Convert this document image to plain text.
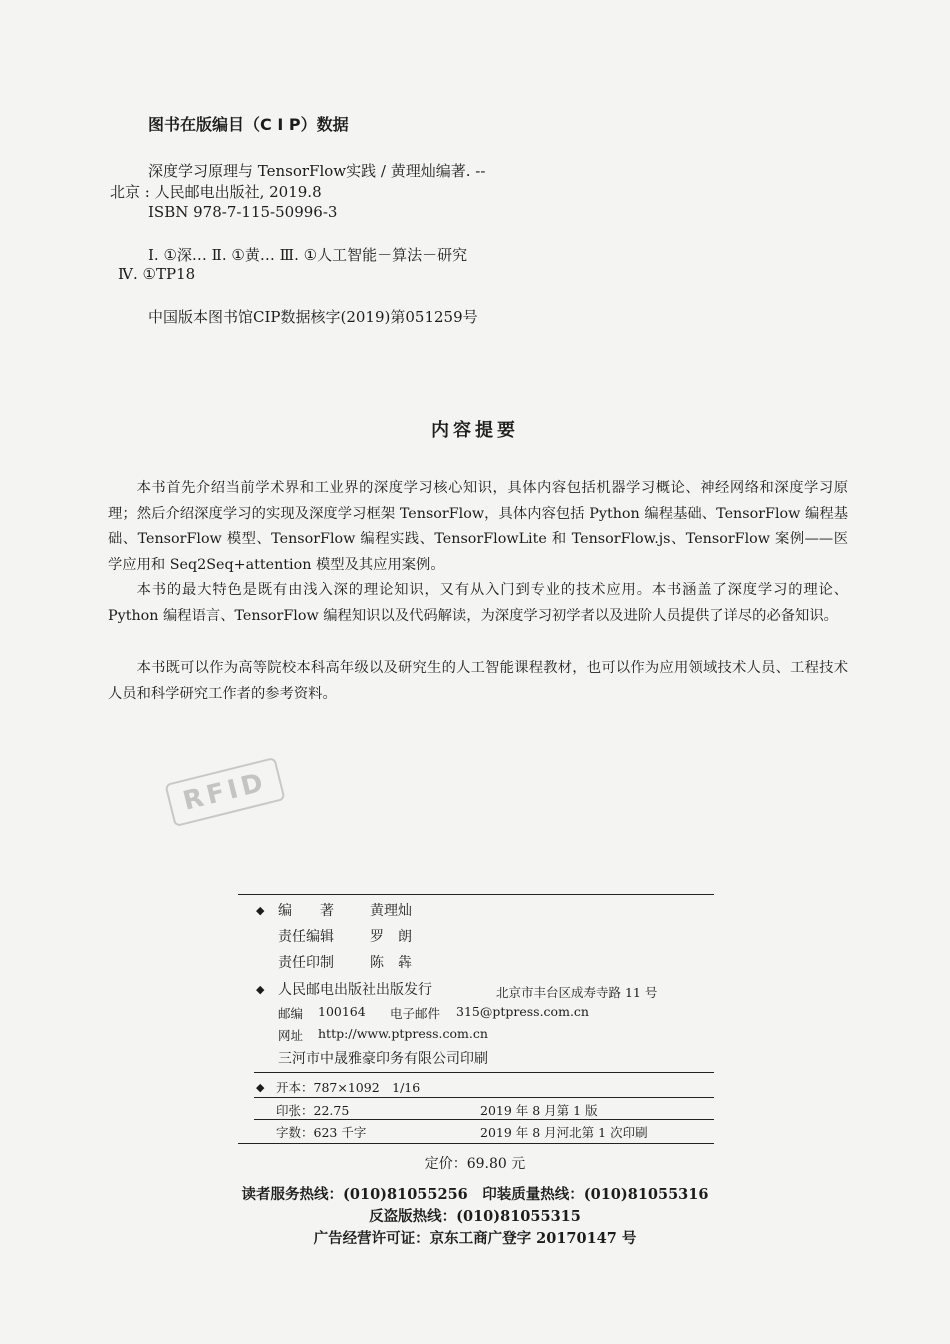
图书在版编目（C I P）数据
深度学习原理与 TensorFlow实践 / 黄理灿编著. --
北京 : 人民邮电出版社, 2019.8
ISBN 978-7-115-50996-3
Ⅰ. ①深… Ⅱ. ①黄… Ⅲ. ①人工智能－算法－研究
Ⅳ. ①TP18
中国版本图书馆CIP数据核字(2019)第051259号
内容提要

本书首先介绍当前学术界和工业界的深度学习核心知识，具体内容包括机器学习概论、神经网络和深度学习原理；然后介绍深度学习的实现及深度学习框架 TensorFlow，具体内容包括 Python 编程基础、TensorFlow 编程基础、TensorFlow 模型、TensorFlow 编程实践、TensorFlowLite 和 TensorFlow.js、TensorFlow 案例——医学应用和 Seq2Seq+attention 模型及其应用案例。

本书的最大特色是既有由浅入深的理论知识，又有从入门到专业的技术应用。本书涵盖了深度学习的理论、Python 编程语言、TensorFlow 编程知识以及代码解读，为深度学习初学者以及进阶人员提供了详尽的必备知识。

本书既可以作为高等院校本科高年级以及研究生的人工智能课程教材，也可以作为应用领域技术人员、工程技术人员和科学研究工作者的参考资料。

RFID
◆ 编　　著	黄理灿
责任编辑	罗　朗
责任印制	陈　犇
◆ 人民邮电出版社出版发行	北京市丰台区成寿寺路 11 号
邮编 100164 电子邮件 315@ptpress.com.cn
网址 http://www.ptpress.com.cn
三河市中晟雅豪印务有限公司印刷
◆ 开本：787×1092　1/16
印张：22.75	2019 年 8 月第 1 版
字数：623 千字	2019 年 8 月河北第 1 次印刷
定价：69.80 元
读者服务热线：(010)81055256　印装质量热线：(010)81055316
反盗版热线：(010)81055315
广告经营许可证：京东工商广登字 20170147 号
